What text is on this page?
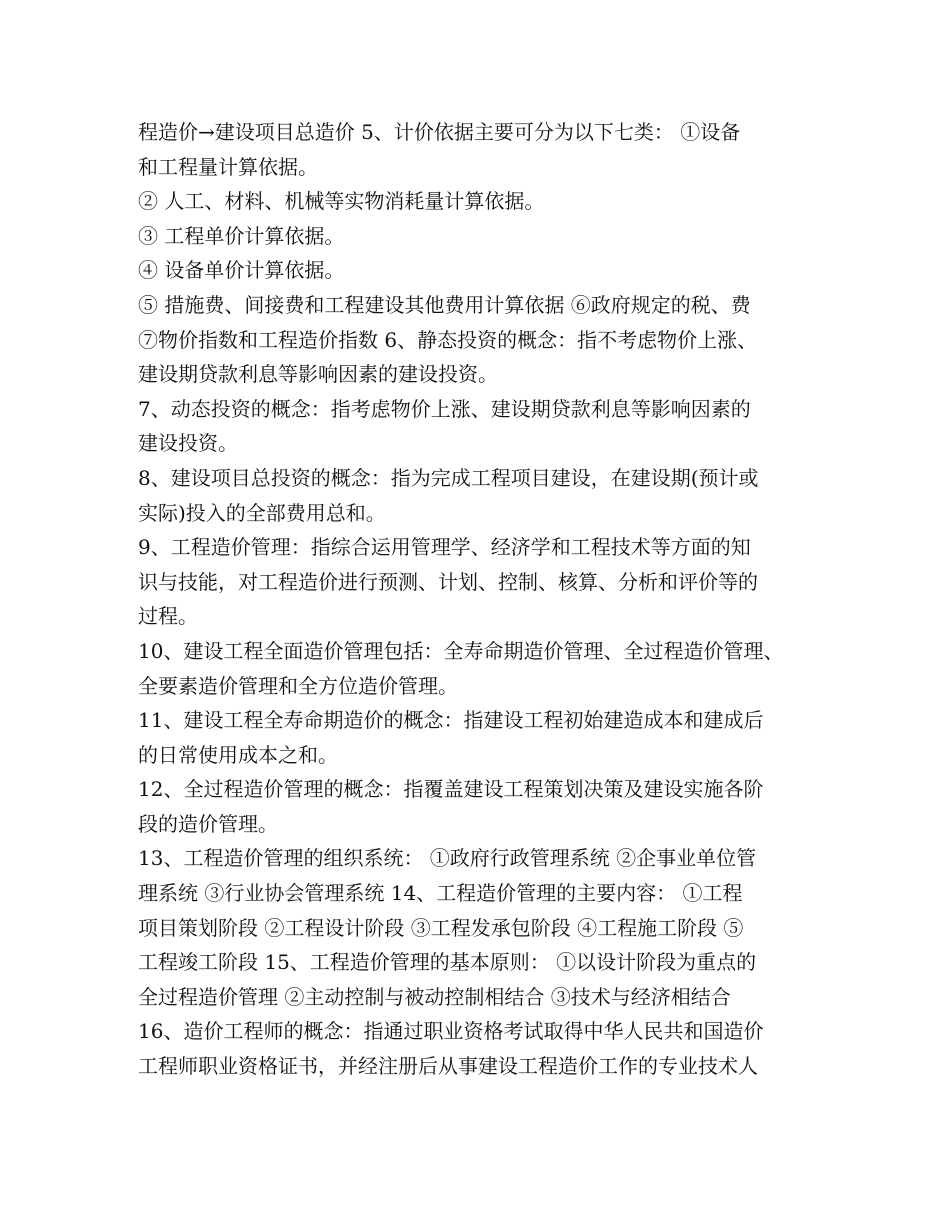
程造价→建设项目总造价 5、计价依据主要可分为以下七类： ①设备

和工程量计算依据。

② 人工、材料、机械等实物消耗量计算依据。

③ 工程单价计算依据。

④ 设备单价计算依据。

⑤ 措施费、间接费和工程建设其他费用计算依据 ⑥政府规定的税、费

⑦物价指数和工程造价指数 6、静态投资的概念：指不考虑物价上涨、

建设期贷款利息等影响因素的建设投资。

7、动态投资的概念：指考虑物价上涨、建设期贷款利息等影响因素的

建设投资。

8、建设项目总投资的概念：指为完成工程项目建设，在建设期(预计或

实际)投入的全部费用总和。

9、工程造价管理：指综合运用管理学、经济学和工程技术等方面的知

识与技能，对工程造价进行预测、计划、控制、核算、分析和评价等的

过程。

10、建设工程全面造价管理包括：全寿命期造价管理、全过程造价管理、

全要素造价管理和全方位造价管理。

11、建设工程全寿命期造价的概念：指建设工程初始建造成本和建成后

的日常使用成本之和。

12、全过程造价管理的概念：指覆盖建设工程策划决策及建设实施各阶

段的造价管理。

13、工程造价管理的组织系统： ①政府行政管理系统 ②企事业单位管

理系统 ③行业协会管理系统 14、工程造价管理的主要内容： ①工程

项目策划阶段 ②工程设计阶段 ③工程发承包阶段 ④工程施工阶段 ⑤

工程竣工阶段 15、工程造价管理的基本原则： ①以设计阶段为重点的

全过程造价管理 ②主动控制与被动控制相结合 ③技术与经济相结合

16、造价工程师的概念：指通过职业资格考试取得中华人民共和国造价

工程师职业资格证书，并经注册后从事建设工程造价工作的专业技术人
